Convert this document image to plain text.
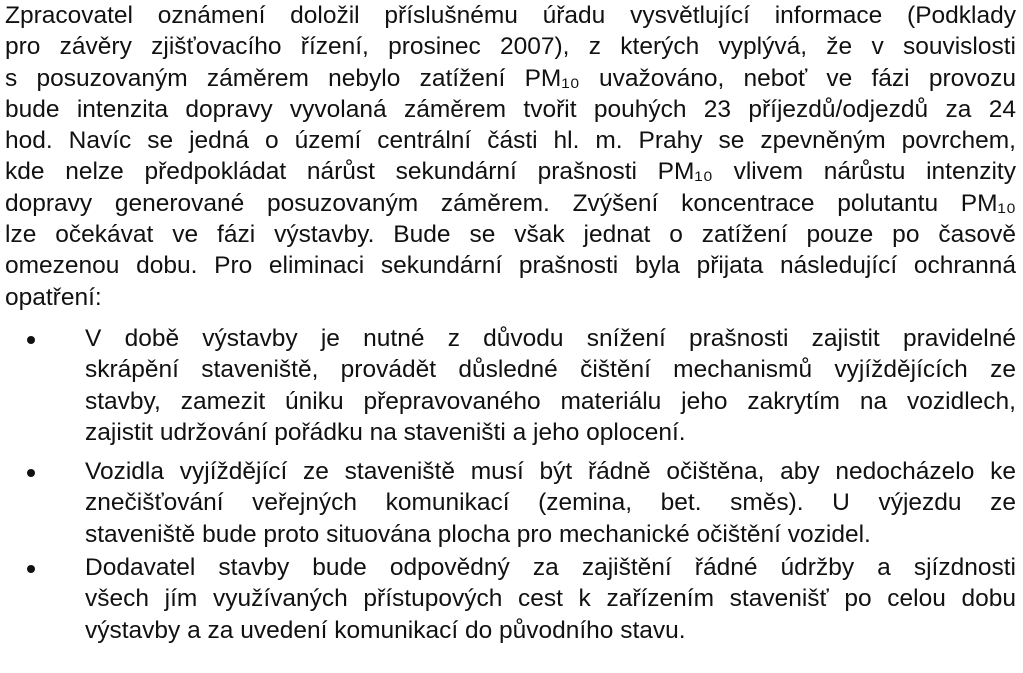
Zpracovatel oznámení doložil příslušnému úřadu vysvětlující informace (Podklady
pro závěry zjišťovacího řízení, prosinec 2007), z kterých vyplývá, že v souvislosti
s posuzovaným záměrem nebylo zatížení PM₁₀ uvažováno, neboť ve fázi provozu
bude intenzita dopravy vyvolaná záměrem tvořit pouhých 23 příjezdů/odjezdů za 24
hod. Navíc se jedná o území centrální části hl. m. Prahy se zpevněným povrchem,
kde nelze předpokládat nárůst sekundární prašnosti PM₁₀ vlivem nárůstu intenzity
dopravy generované posuzovaným záměrem. Zvýšení koncentrace polutantu PM₁₀
lze očekávat ve fázi výstavby. Bude se však jednat o zatížení pouze po časově
omezenou dobu. Pro eliminaci sekundární prašnosti byla přijata následující ochranná
opatření:
V době výstavby je nutné z důvodu snížení prašnosti zajistit pravidelné
skrápění staveniště, provádět důsledné čištění mechanismů vyjíždějících ze
stavby, zamezit úniku přepravovaného materiálu jeho zakrytím na vozidlech,
zajistit udržování pořádku na staveništi a jeho oplocení.
Vozidla vyjíždějící ze staveniště musí být řádně očištěna, aby nedocházelo ke
znečišťování veřejných komunikací (zemina, bet. směs). U výjezdu ze
staveniště bude proto situována plocha pro mechanické očištění vozidel.
Dodavatel stavby bude odpovědný za zajištění řádné údržby a sjízdnosti
všech jím využívaných přístupových cest k zařízením stavenišť po celou dobu
výstavby a za uvedení komunikací do původního stavu.
